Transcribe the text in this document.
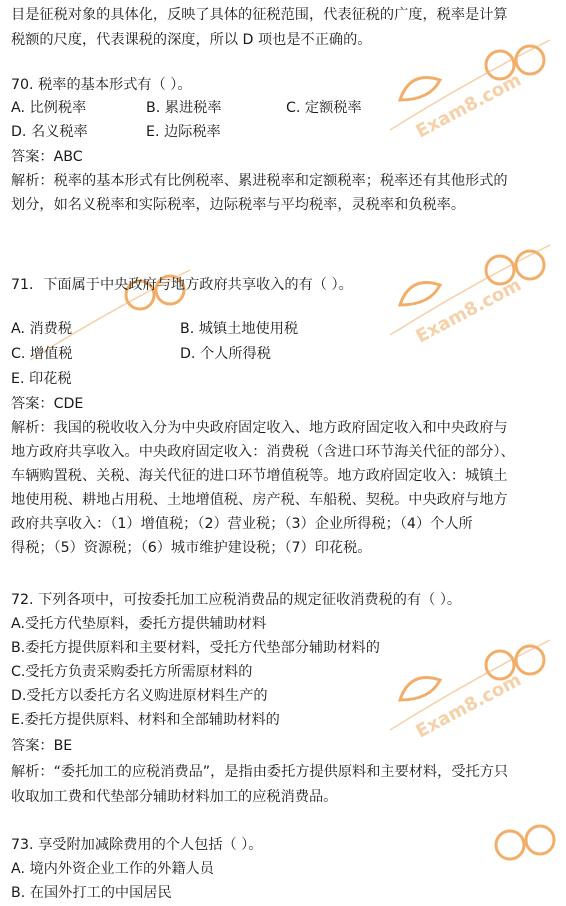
Exam8.com
Exam8.com
Exam8.com
目是征税对象的具体化，反映了具体的征税范围，代表征税的广度，税率是计算
税额的尺度，代表课税的深度，所以 D 项也是不正确的。
70. 税率的基本形式有（ ）。
A. 比例税率	B. 累进税率	C. 定额税率
D. 名义税率	E. 边际税率
答案：ABC
解析：税率的基本形式有比例税率、累进税率和定额税率；税率还有其他形式的
划分，如名义税率和实际税率，边际税率与平均税率，灵税率和负税率。
71．下面属于中央政府与地方政府共享收入的有（ ）。
A. 消费税	B. 城镇土地使用税
C. 增值税	D. 个人所得税
E. 印花税
答案：CDE
解析：我国的税收收入分为中央政府固定收入、地方政府固定收入和中央政府与
地方政府共享收入。中央政府固定收入：消费税（含进口环节海关代征的部分）、
车辆购置税、关税、海关代征的进口环节增值税等。地方政府固定收入：城镇土
地使用税、耕地占用税、土地增值税、房产税、车船税、契税。中央政府与地方
政府共享收入：（1）增值税；（2）营业税；（3）企业所得税；（4）个人所
得税；（5）资源税；（6）城市维护建设税；（7）印花税。
72. 下列各项中，可按委托加工应税消费品的规定征收消费税的有（ ）。
A.受托方代垫原料，委托方提供辅助材料
B.委托方提供原料和主要材料，受托方代垫部分辅助材料的
C.受托方负责采购委托方所需原材料的
D.受托方以委托方名义购进原材料生产的
E.委托方提供原料、材料和全部辅助材料的
答案：BE
解析：“委托加工的应税消费品”，是指由委托方提供原料和主要材料，受托方只
收取加工费和代垫部分辅助材料加工的应税消费品。
73. 享受附加减除费用的个人包括（ ）。
A. 境内外资企业工作的外籍人员
B. 在国外打工的中国居民
